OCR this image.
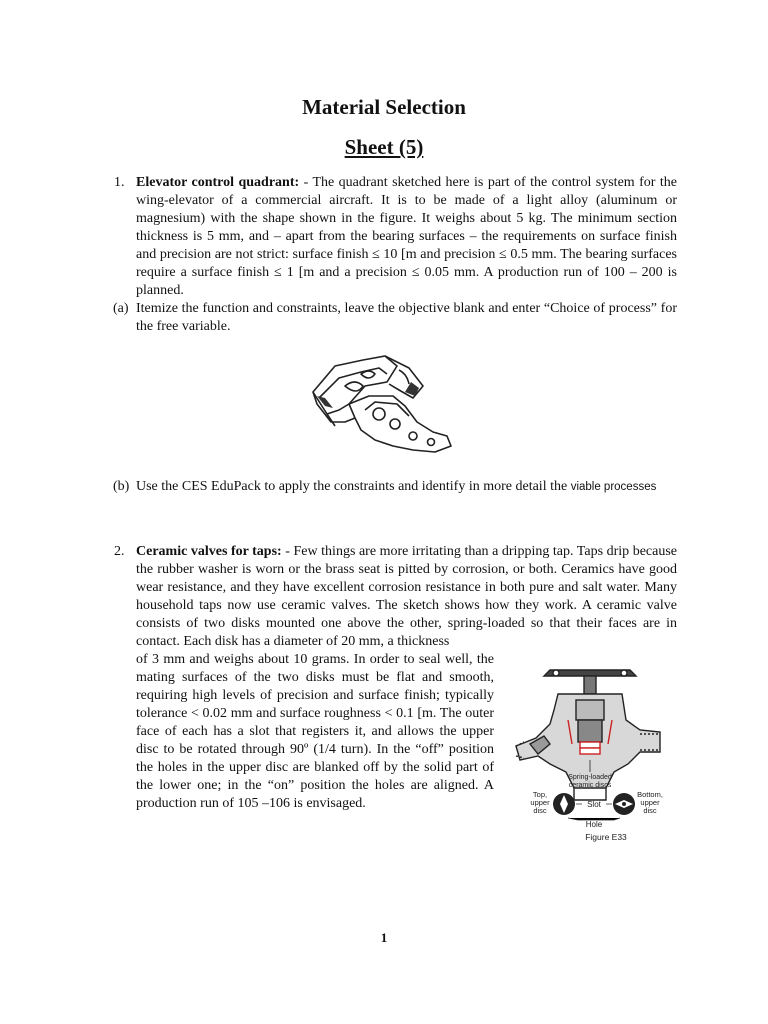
Material Selection
Sheet (5)
1. Elevator control quadrant: - The quadrant sketched here is part of the control system for the wing-elevator of a commercial aircraft. It is to be made of a light alloy (aluminum or magnesium) with the shape shown in the figure. It weighs about 5 kg. The minimum section thickness is 5 mm, and – apart from the bearing surfaces – the requirements on surface finish and precision are not strict: surface finish ≤ 10 [m and precision ≤ 0.5 mm. The bearing surfaces require a surface finish ≤ 1 [m and a precision ≤ 0.05 mm. A production run of 100 – 200 is planned.
(a) Itemize the function and constraints, leave the objective blank and enter “Choice of process” for the free variable.
(b) Use the CES EduPack to apply the constraints and identify in more detail the viable processes
2. Ceramic valves for taps: - Few things are more irritating than a dripping tap. Taps drip because the rubber washer is worn or the brass seat is pitted by corrosion, or both. Ceramics have good wear resistance, and they have excellent corrosion resistance in both pure and salt water. Many household taps now use ceramic valves. The sketch shows how they work. A ceramic valve consists of two disks mounted one above the other, spring-loaded so that their faces are in contact. Each disk has a diameter of 20 mm, a thickness
of 3 mm and weighs about 10 grams. In order to seal well, the mating surfaces of the two disks must be flat and smooth, requiring high levels of precision and surface finish; typically tolerance < 0.02 mm and surface roughness < 0.1 [m. The outer face of each has a slot that registers it, and allows the upper disc to be rotated through 90º (1/4 turn). In the “off” position the holes in the upper disc are blanked off by the solid part of the lower one; in the “on” position the holes are aligned. A production run of 105 –106 is envisaged.
Spring-loaded
ceramic discs
Top,
upper
disc
Bottom,
upper
disc
Slot
Hole
Figure E33
1
